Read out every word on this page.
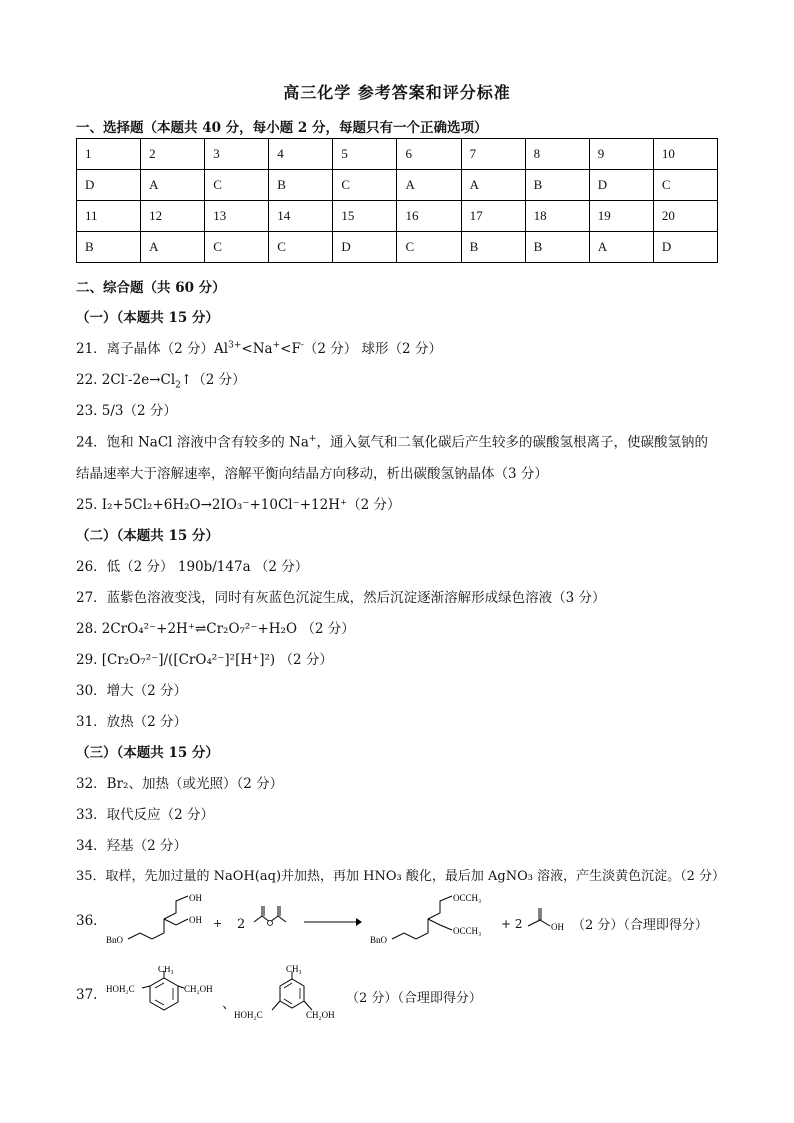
高三化学 参考答案和评分标准
一、选择题（本题共 40 分，每小题 2 分，每题只有一个正确选项）
1	2	3	4	5	6	7	8	9	10
D	A	C	B	C	A	A	B	D	C
11	12	13	14	15	16	17	18	19	20
B	A	C	C	D	C	B	B	A	D
二、综合题（共 60 分）
（一）（本题共 15 分）
21．离子晶体（2 分）$Al^{3+}<Na^+<F^-(2$ 分） 球形（2 分）
22. $2Cl^--2e\to Cl_2↑(2$ 分）
23. 5/3（2 分）
24．饱和 NaCl 溶液中含有较多的 Na+，通入氨气和二氧化碳后产生较多的碳酸氢根离子，使碳酸氢钠的结晶速率大于溶解速率，溶解平衡向结晶方向移动，析出碳酸氢钠晶体（3 分）
25. I₂+5Cl₂+6H₂O→2IO₃⁻+10Cl⁻+12H⁺（2 分）
（二）（本题共 15 分）
26．低（2 分） 190b/147a （2 分）
27．蓝紫色溶液变浅，同时有灰蓝色沉淀生成，然后沉淀逐渐溶解形成绿色溶液（3 分）
28. 2CrO₄²⁻+2H⁺⇌Cr₂O₇²⁻+H₂O （2 分）
29. [Cr₂O₇²⁻]/([CrO₄²⁻]²[H⁺]²) （2 分）
30．增大（2 分）
31．放热（2 分）
（三）（本题共 15 分）
32．Br₂、加热（或光照）（2 分）
33．取代反应（2 分）
34．羟基（2 分）
35．取样，先加过量的 NaOH(aq)并加热，再加 HNO₃ 酸化，最后加 AgNO₃ 溶液，产生淡黄色沉淀。（2 分）
36.
BnO
OH
OH + 2
BnO
OCCH₃
OCCH₃ + 2	OH （2 分）（合理即得分）
37.
CH₃
HOH₂C	CH₂OH
、
CH₃
HOH₂C	CH₂OH
（2 分）（合理即得分）
